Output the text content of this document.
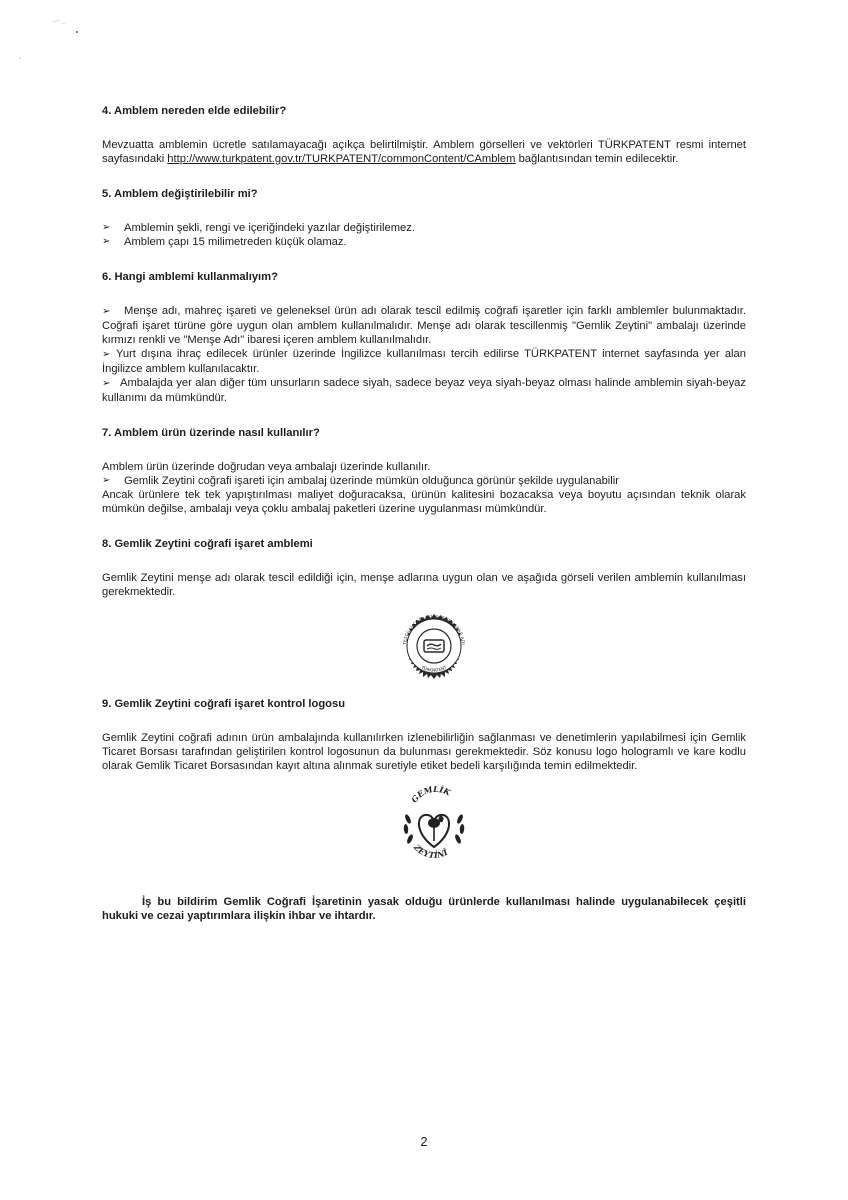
4. Amblem nereden elde edilebilir?

Mevzuatta amblemin ücretle satılamayacağı açıkça belirtilmiştir. Amblem görselleri ve vektörleri TÜRKPATENT resmi internet sayfasındaki http://www.turkpatent.gov.tr/TURKPATENT/commonContent/CAmblem bağlantısından temin edilecektir.

5. Amblem değiştirilebilir mi?
➢	Amblemin şekli, rengi ve içeriğindeki yazılar değiştirilemez.
➢	Amblem çapı 15 milimetreden küçük olamaz.
6. Hangi amblemi kullanmalıyım?

➢ Menşe adı, mahreç işareti ve geleneksel ürün adı olarak tescil edilmiş coğrafi işaretler için farklı amblemler bulunmaktadır. Coğrafi işaret türüne göre uygun olan amblem kullanılmalıdır. Menşe adı olarak tescillenmiş "Gemlik Zeytini" ambalajı üzerinde kırmızı renkli ve "Menşe Adı" ibaresi içeren amblem kullanılmalıdır.

➢ Yurt dışına ihraç edilecek ürünler üzerinde İngilizce kullanılması tercih edilirse TÜRKPATENT internet sayfasında yer alan İngilizce amblem kullanılacaktır.

➢ Ambalajda yer alan diğer tüm unsurların sadece siyah, sadece beyaz veya siyah-beyaz olması halinde amblemin siyah-beyaz kullanımı da mümkündür.

7. Amblem ürün üzerinde nasıl kullanılır?

Amblem ürün üzerinde doğrudan veya ambalajı üzerinde kullanılır.

➢	Gemlik Zeytini coğrafi işareti için ambalaj üzerinde mümkün olduğunca görünür şekilde uygulanabilir

Ancak ürünlere tek tek yapıştırılması maliyet doğuracaksa, ürünün kalitesini bozacaksa veya boyutu açısından teknik olarak mümkün değilse, ambalajı veya çoklu ambalaj paketleri üzerine uygulanması mümkündür.

8. Gemlik Zeytini coğrafi işaret amblemi

Gemlik Zeytini menşe adı olarak tescil edildiği için, menşe adlarına uygun olan ve aşağıda görseli verilen amblemin kullanılması gerekmektedir.

TESCİLLİ COĞRAFİ İŞARET MENŞE ADI
TÜRKPATENT
9. Gemlik Zeytini coğrafi işaret kontrol logosu

Gemlik Zeytini coğrafi adının ürün ambalajında kullanılırken izlenebilirliğin sağlanması ve denetimlerin yapılabilmesi için Gemlik Ticaret Borsası tarafından geliştirilen kontrol logosunun da bulunması gerekmektedir. Söz konusu logo hologramlı ve kare kodlu olarak Gemlik Ticaret Borsasından kayıt altına alınmak suretiyle etiket bedeli karşılığında temin edilmektedir.

GEMLİK
ZEYTİNİ

İş bu bildirim Gemlik Coğrafi İşaretinin yasak olduğu ürünlerde kullanılması halinde uygulanabilecek çeşitli hukuki ve cezai yaptırımlara ilişkin ihbar ve ihtardır.

2
